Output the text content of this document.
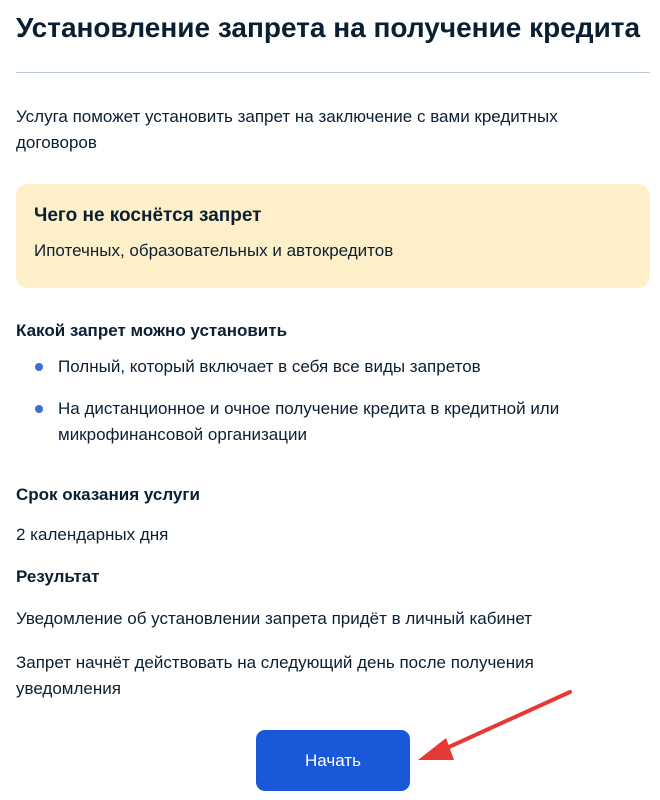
Установление запрета на получение кредита
Услуга поможет установить запрет на заключение с вами кредитных договоров
Чего не коснётся запрет
Ипотечных, образовательных и автокредитов
Какой запрет можно установить
Полный, который включает в себя все виды запретов
На дистанционное и очное получение кредита в кредитной или микрофинансовой организации
Срок оказания услуги
2 календарных дня
Результат
Уведомление об установлении запрета придёт в личный кабинет
Запрет начнёт действовать на следующий день после получения уведомления
Начать
